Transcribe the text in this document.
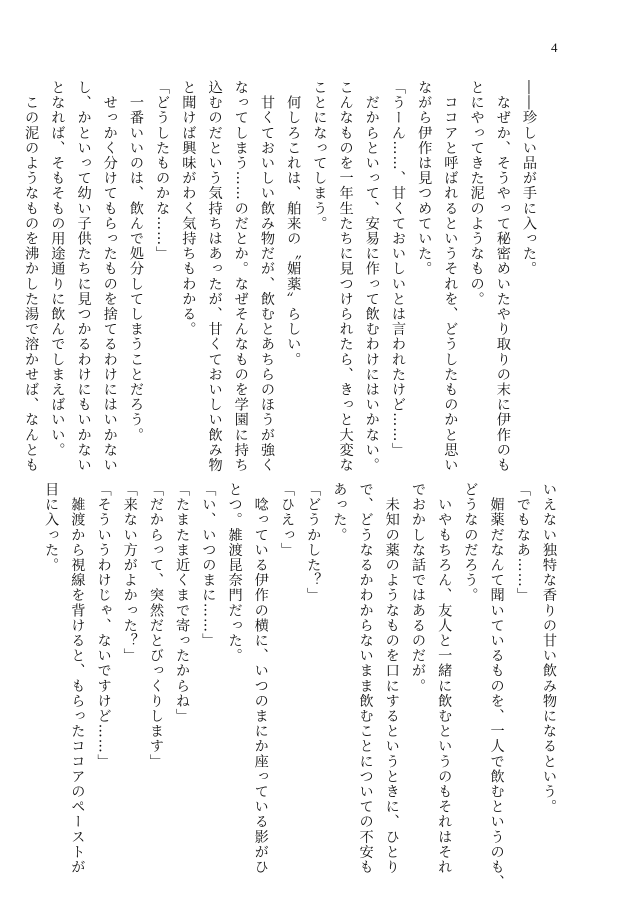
4
――珍しい品が手に入った。
　なぜか、そうやって秘密めいたやり取りの末に伊作のも
とにやってきた泥のようなもの。
　ココアと呼ばれるというそれを、どうしたものかと思い
ながら伊作は見つめていた。
「うーん……、甘くておいしいとは言われたけど……」
　だからといって、安易に作って飲むわけにはいかない。
こんなものを一年生たちに見つけられたら、きっと大変な
ことになってしまう。
　何しろこれは、舶来の〝媚薬〟らしい。
　甘くておいしい飲み物だが、飲むとあちらのほうが強く
なってしまう……のだとか。なぜそんなものを学園に持ち
込むのだという気持ちはあったが、甘くておいしい飲み物
と聞けば興味がわく気持ちもわかる。
「どうしたものかな……」
　一番いいのは、飲んで処分してしまうことだろう。
　せっかく分けてもらったものを捨てるわけにはいかない
し、かといって幼い子供たちに見つかるわけにもいかない
となれば、そもそもの用途通りに飲んでしまえばいい。
　この泥のようなものを沸かした湯で溶かせば、なんとも
いえない独特な香りの甘い飲み物になるという。
「でもなあ……」
　媚薬だなんて聞いているものを、一人で飲むというのも、
どうなのだろう。
　いやもちろん、友人と一緒に飲むというのもそれはそれ
でおかしな話ではあるのだが。
　未知の薬のようなものを口にするというときに、ひとり
で、どうなるかわからないまま飲むことについての不安も
あった。
「どうかした？」
「ひえっ」
　唸っている伊作の横に、いつのまにか座っている影がひ
とつ。雑渡昆奈門だった。
「い、いつのまに……」
「たまたま近くまで寄ったからね」
「だからって、突然だとびっくりします」
「来ない方がよかった？」
「そういうわけじゃ、ないですけど……」
　雑渡から視線を背けると、もらったココアのペーストが
目に入った。
